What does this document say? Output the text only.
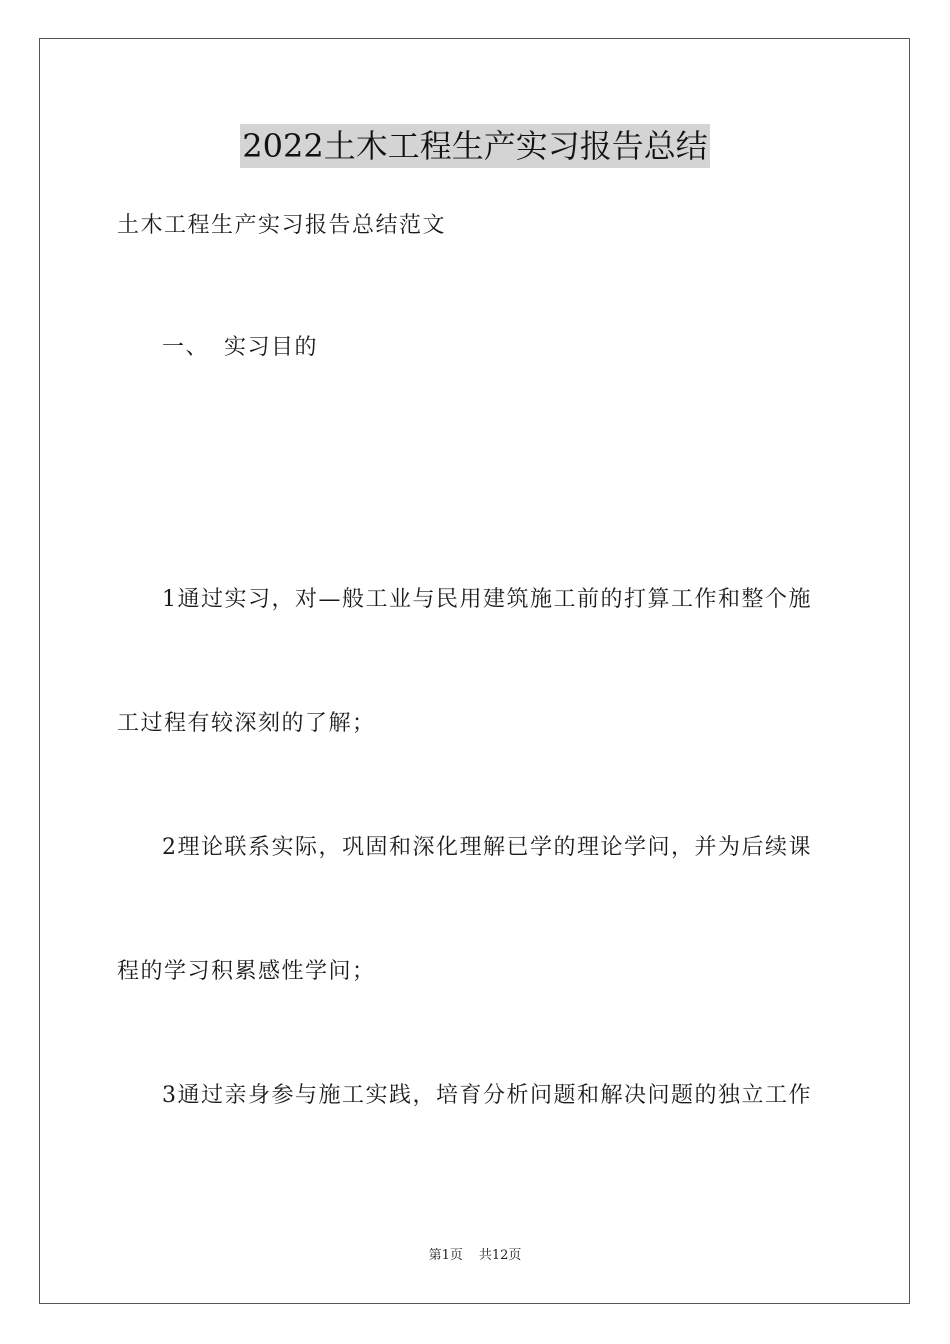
2022土木工程生产实习报告总结

土木工程生产实习报告总结范文

一、 实习目的

1通过实习，对—般工业与民用建筑施工前的打算工作和整个施

工过程有较深刻的了解；

2理论联系实际，巩固和深化理解已学的理论学问，并为后续课

程的学习积累感性学问；

3通过亲身参与施工实践，培育分析问题和解决问题的独立工作

第1页 共12页
